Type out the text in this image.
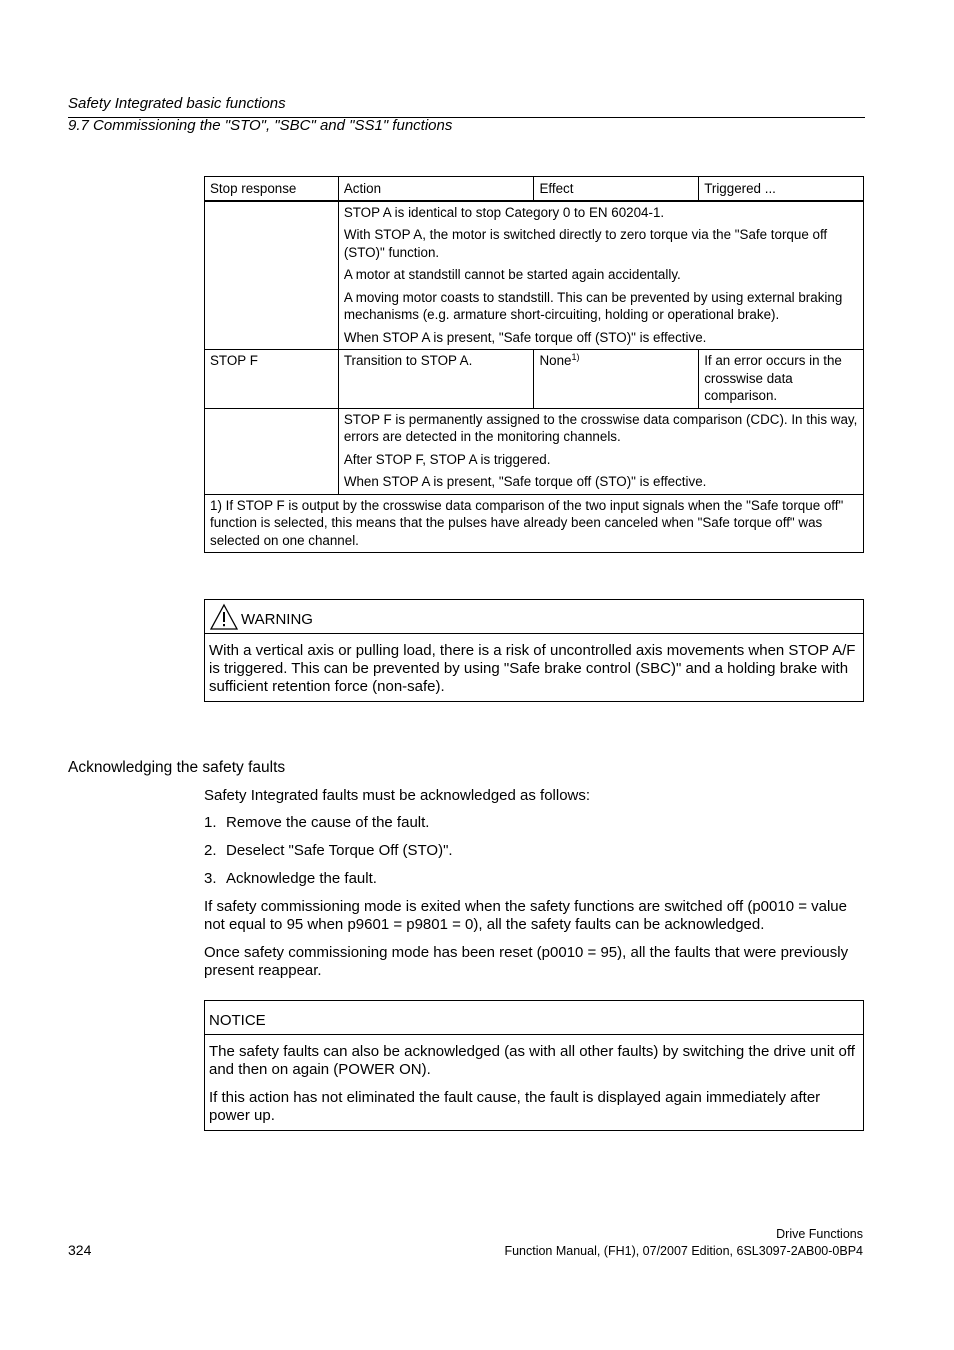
Safety Integrated basic functions
9.7 Commissioning the "STO", "SBC" and "SS1" functions
Stop response	Action	Effect	Triggered ...

	STOP A is identical to stop Category 0 to EN 60204-1.

With STOP A, the motor is switched directly to zero torque via the "Safe torque off (STO)" function.

A motor at standstill cannot be started again accidentally.

A moving motor coasts to standstill. This can be prevented by using external braking mechanisms (e.g. armature short-circuiting, holding or operational brake).

When STOP A is present, "Safe torque off (STO)" is effective.		

STOP F	Transition to STOP A.	None$^{1)}$	If an error occurs in the crosswise data comparison.

	STOP F is permanently assigned to the crosswise data comparison (CDC). In this way, errors are detected in the monitoring channels.

After STOP F, STOP A is triggered.

When STOP A is present, "Safe torque off (STO)" is effective.		

1) If STOP F is output by the crosswise data comparison of the two input signals when the "Safe torque off" function is selected, this means that the pulses have already been canceled when "Safe torque off" was selected on one channel.			
WARNING

With a vertical axis or pulling load, there is a risk of uncontrolled axis movements when STOP A/F is triggered. This can be prevented by using "Safe brake control (SBC)" and a holding brake with sufficient retention force (non-safe).

Acknowledging the safety faults
Safety Integrated faults must be acknowledged as follows:
1. Remove the cause of the fault.
2. Deselect "Safe Torque Off (STO)".
3. Acknowledge the fault.
If safety commissioning mode is exited when the safety functions are switched off (p0010 = value not equal to 95 when p9601 = p9801 = 0), all the safety faults can be acknowledged.
Once safety commissioning mode has been reset (p0010 = 95), all the faults that were previously present reappear.
NOTICE

The safety faults can also be acknowledged (as with all other faults) by switching the drive unit off and then on again (POWER ON).

If this action has not eliminated the fault cause, the fault is displayed again immediately after power up.

Drive Functions
324	Function Manual, (FH1), 07/2007 Edition, 6SL3097-2AB00-0BP4
